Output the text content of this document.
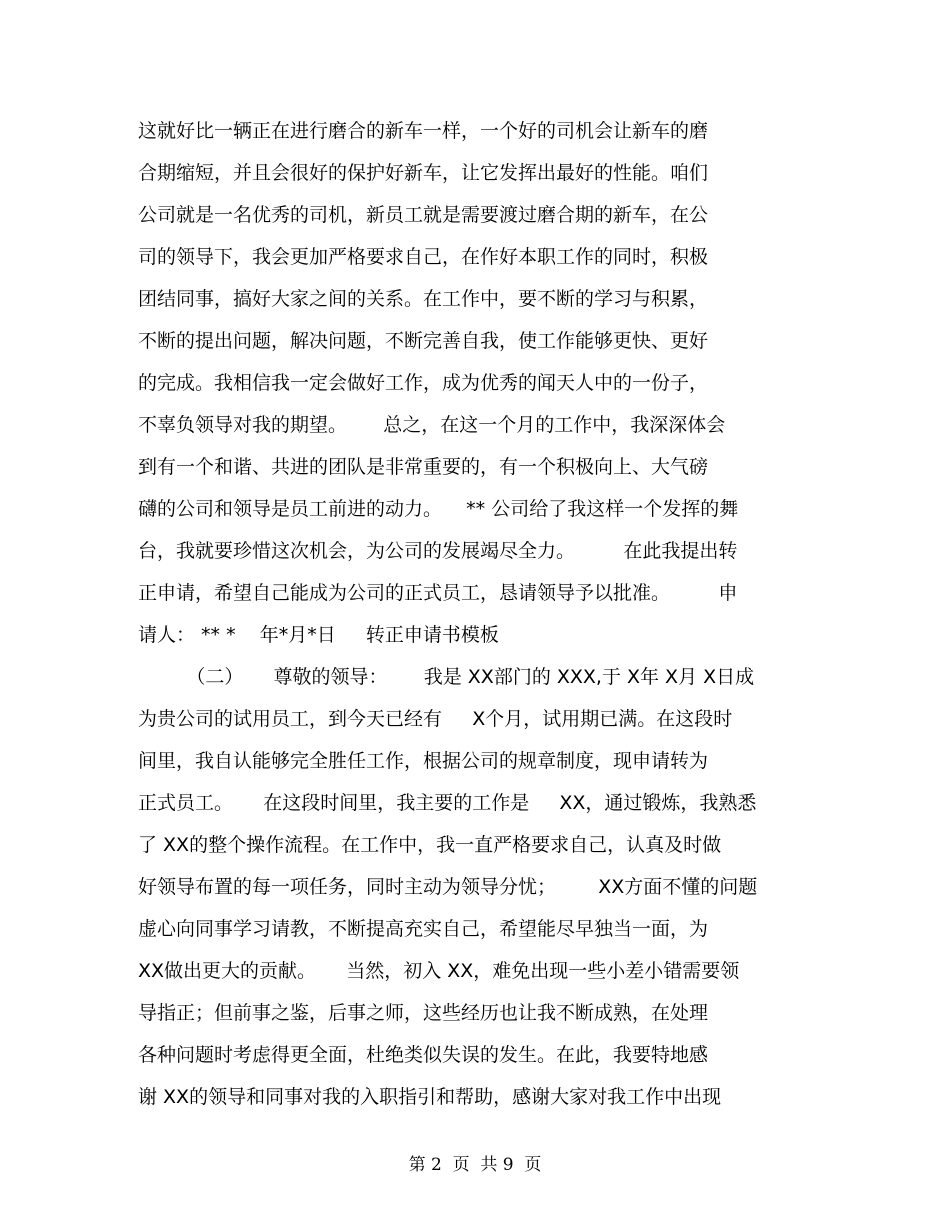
这就好比一辆正在进行磨合的新车一样，一个好的司机会让新车的磨
合期缩短，并且会很好的保护好新车，让它发挥出最好的性能。咱们
公司就是一名优秀的司机，新员工就是需要渡过磨合期的新车，在公
司的领导下，我会更加严格要求自己，在作好本职工作的同时，积极
团结同事，搞好大家之间的关系。在工作中，要不断的学习与积累，
不断的提出问题，解决问题，不断完善自我，使工作能够更快、更好
的完成。我相信我一定会做好工作，成为优秀的闻天人中的一份子，
不辜负领导对我的期望。      总之，在这一个月的工作中，我深深体会
到有一个和谐、共进的团队是非常重要的，有一个积极向上、大气磅
礴的公司和领导是员工前进的动力。    ** 公司给了我这样一个发挥的舞
台，我就要珍惜这次机会，为公司的发展竭尽全力。        在此我提出转
正申请，希望自己能成为公司的正式员工，恳请领导予以批准。        申
请人： ** *    年*月*日     转正申请书模板
（二）     尊敬的领导：      我是 XX部门的 XXX,于 X年 X月 X日成
为贵公司的试用员工，到今天已经有     X个月，试用期已满。在这段时
间里，我自认能够完全胜任工作，根据公司的规章制度，现申请转为
正式员工。     在这段时间里，我主要的工作是     XX，通过锻炼，我熟悉
了 XX的整个操作流程。在工作中，我一直严格要求自己，认真及时做
好领导布置的每一项任务，同时主动为领导分忧；       XX方面不懂的问题
虚心向同事学习请教，不断提高充实自己，希望能尽早独当一面，为
XX做出更大的贡献。     当然，初入 XX，难免出现一些小差小错需要领
导指正；但前事之鉴，后事之师，这些经历也让我不断成熟，在处理
各种问题时考虑得更全面，杜绝类似失误的发生。在此，我要特地感
谢 XX的领导和同事对我的入职指引和帮助，感谢大家对我工作中出现
第 2  页  共 9  页
